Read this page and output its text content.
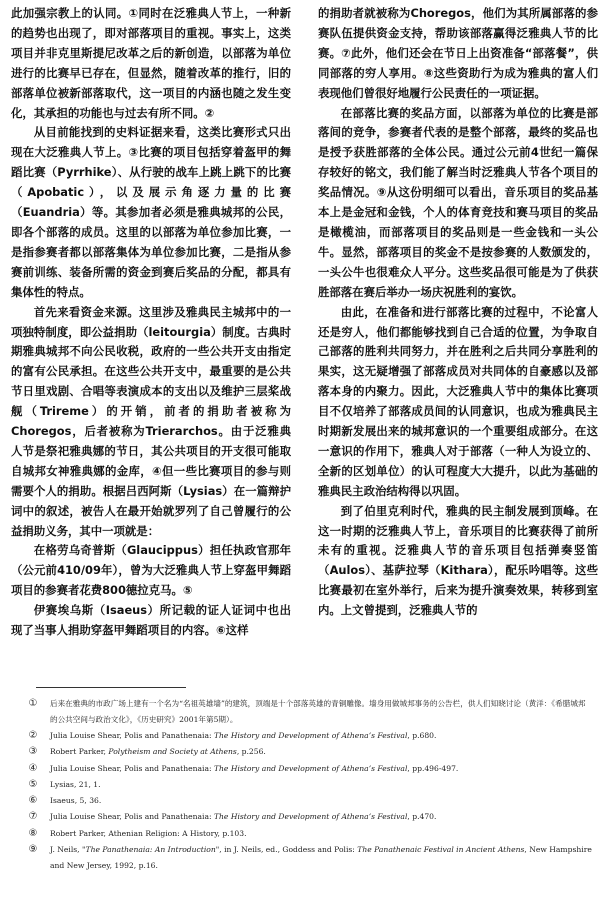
此加强宗教上的认同。①同时在泛雅典人节上，一种新的趋势也出现了，即对部落项目的重视。事实上，这类项目并非克里斯提尼改革之后的新创造，以部落为单位进行的比赛早已存在，但显然，随着改革的推行，旧的部落单位被新部落取代，这一项目的内涵也随之发生变化，其承担的功能也与过去有所不同。②

从目前能找到的史料证据来看，这类比赛形式只出现在大泛雅典人节上。③比赛的项目包括穿着盔甲的舞蹈比赛（Pyrrhike）、从行驶的战车上跳上跳下的比赛（Apobatic），以及展示角逐力量的比赛（Euandria）等。其参加者必须是雅典城邦的公民，即各个部落的成员。这里的以部落为单位参加比赛，一是指参赛者都以部落集体为单位参加比赛，二是指从参赛前训练、装备所需的资金到赛后奖品的分配，都具有集体性的特点。

首先来看资金来源。这里涉及雅典民主城邦中的一项独特制度，即公益捐助（leitourgia）制度。古典时期雅典城邦不向公民收税，政府的一些公共开支由指定的富有公民承担。在这些公共开支中，最重要的是公共节日里戏剧、合唱等表演成本的支出以及维护三层桨战舰（Trireme）的开销，前者的捐助者被称为Choregos，后者被称为Trierarchos。由于泛雅典人节是祭祀雅典娜的节日，其公共项目的开支很可能取自城邦女神雅典娜的金库，④但一些比赛项目的参与则需要个人的捐助。根据吕西阿斯（Lysias）在一篇辩护词中的叙述，被告人在最开始就罗列了自己曾履行的公益捐助义务，其中一项就是：

在格劳乌奇普斯（Glaucippus）担任执政官那年（公元前410/09年），曾为大泛雅典人节上穿盔甲舞蹈项目的参赛者花费800德拉克马。⑤

伊赛埃乌斯（Isaeus）所记载的证人证词中也出现了当事人捐助穿盔甲舞蹈项目的内容。⑥这样

的捐助者就被称为Choregos，他们为其所属部落的参赛队伍提供资金支持，帮助该部落赢得泛雅典人节的比赛。⑦此外，他们还会在节日上出资准备“部落餐”，供同部落的穷人享用。⑧这些资助行为成为雅典的富人们表现他们曾很好地履行公民责任的一项证据。

在部落比赛的奖品方面，以部落为单位的比赛是部落间的竞争，参赛者代表的是整个部落，最终的奖品也是授予获胜部落的全体公民。通过公元前4世纪一篇保存较好的铭文，我们能了解当时泛雅典人节各个项目的奖品情况。⑨从这份明细可以看出，音乐项目的奖品基本上是金冠和金钱，个人的体育竞技和赛马项目的奖品是橄榄油，而部落项目的奖品则是一些金钱和一头公牛。显然，部落项目的奖金不是按参赛的人数颁发的，一头公牛也很难众人平分。这些奖品很可能是为了供获胜部落在赛后举办一场庆祝胜利的宴饮。

由此，在准备和进行部落比赛的过程中，不论富人还是穷人，他们都能够找到自己合适的位置，为争取自己部落的胜利共同努力，并在胜利之后共同分享胜利的果实，这无疑增强了部落成员对共同体的自豪感以及部落本身的内聚力。因此，大泛雅典人节中的集体比赛项目不仅培养了部落成员间的认同意识，也成为雅典民主时期新发展出来的城邦意识的一个重要组成部分。在这一意识的作用下，雅典人对于部落（一种人为设立的、全新的区划单位）的认可程度大大提升，以此为基础的雅典民主政治结构得以巩固。

到了伯里克利时代，雅典的民主制发展到顶峰。在这一时期的泛雅典人节上，音乐项目的比赛获得了前所未有的重视。泛雅典人节的音乐项目包括弹奏竖笛（Aulos）、基萨拉琴（Kithara），配乐吟唱等。这些比赛最初在室外举行，后来为提升演奏效果，转移到室内。上文曾提到，泛雅典人节的

①	后来在雅典的市政广场上建有一个名为“名祖英雄墙”的建筑，顶端是十个部落英雄的青铜雕像。墙身用做城邦事务的公告栏，供人们知晓讨论（黄洋：《希腊城邦的公共空间与政治文化》，《历史研究》2001年第5期）。
②	Julia Louise Shear, Polis and Panathenaia: The History and Development of Athena’s Festival, p.680.
③	Robert Parker, Polytheism and Society at Athens, p.256.
④	Julia Louise Shear, Polis and Panathenaia: The History and Development of Athena’s Festival, pp.496-497.
⑤	Lysias, 21, 1.
⑥	Isaeus, 5, 36.
⑦	Julia Louise Shear, Polis and Panathenaia: The History and Development of Athena’s Festival, p.470.
⑧	Robert Parker, Athenian Religion: A History, p.103.
⑨	J. Neils, "The Panathenaia: An Introduction", in J. Neils, ed., Goddess and Polis: The Panathenaic Festival in Ancient Athens, New Hampshire and New Jersey, 1992, p.16.
